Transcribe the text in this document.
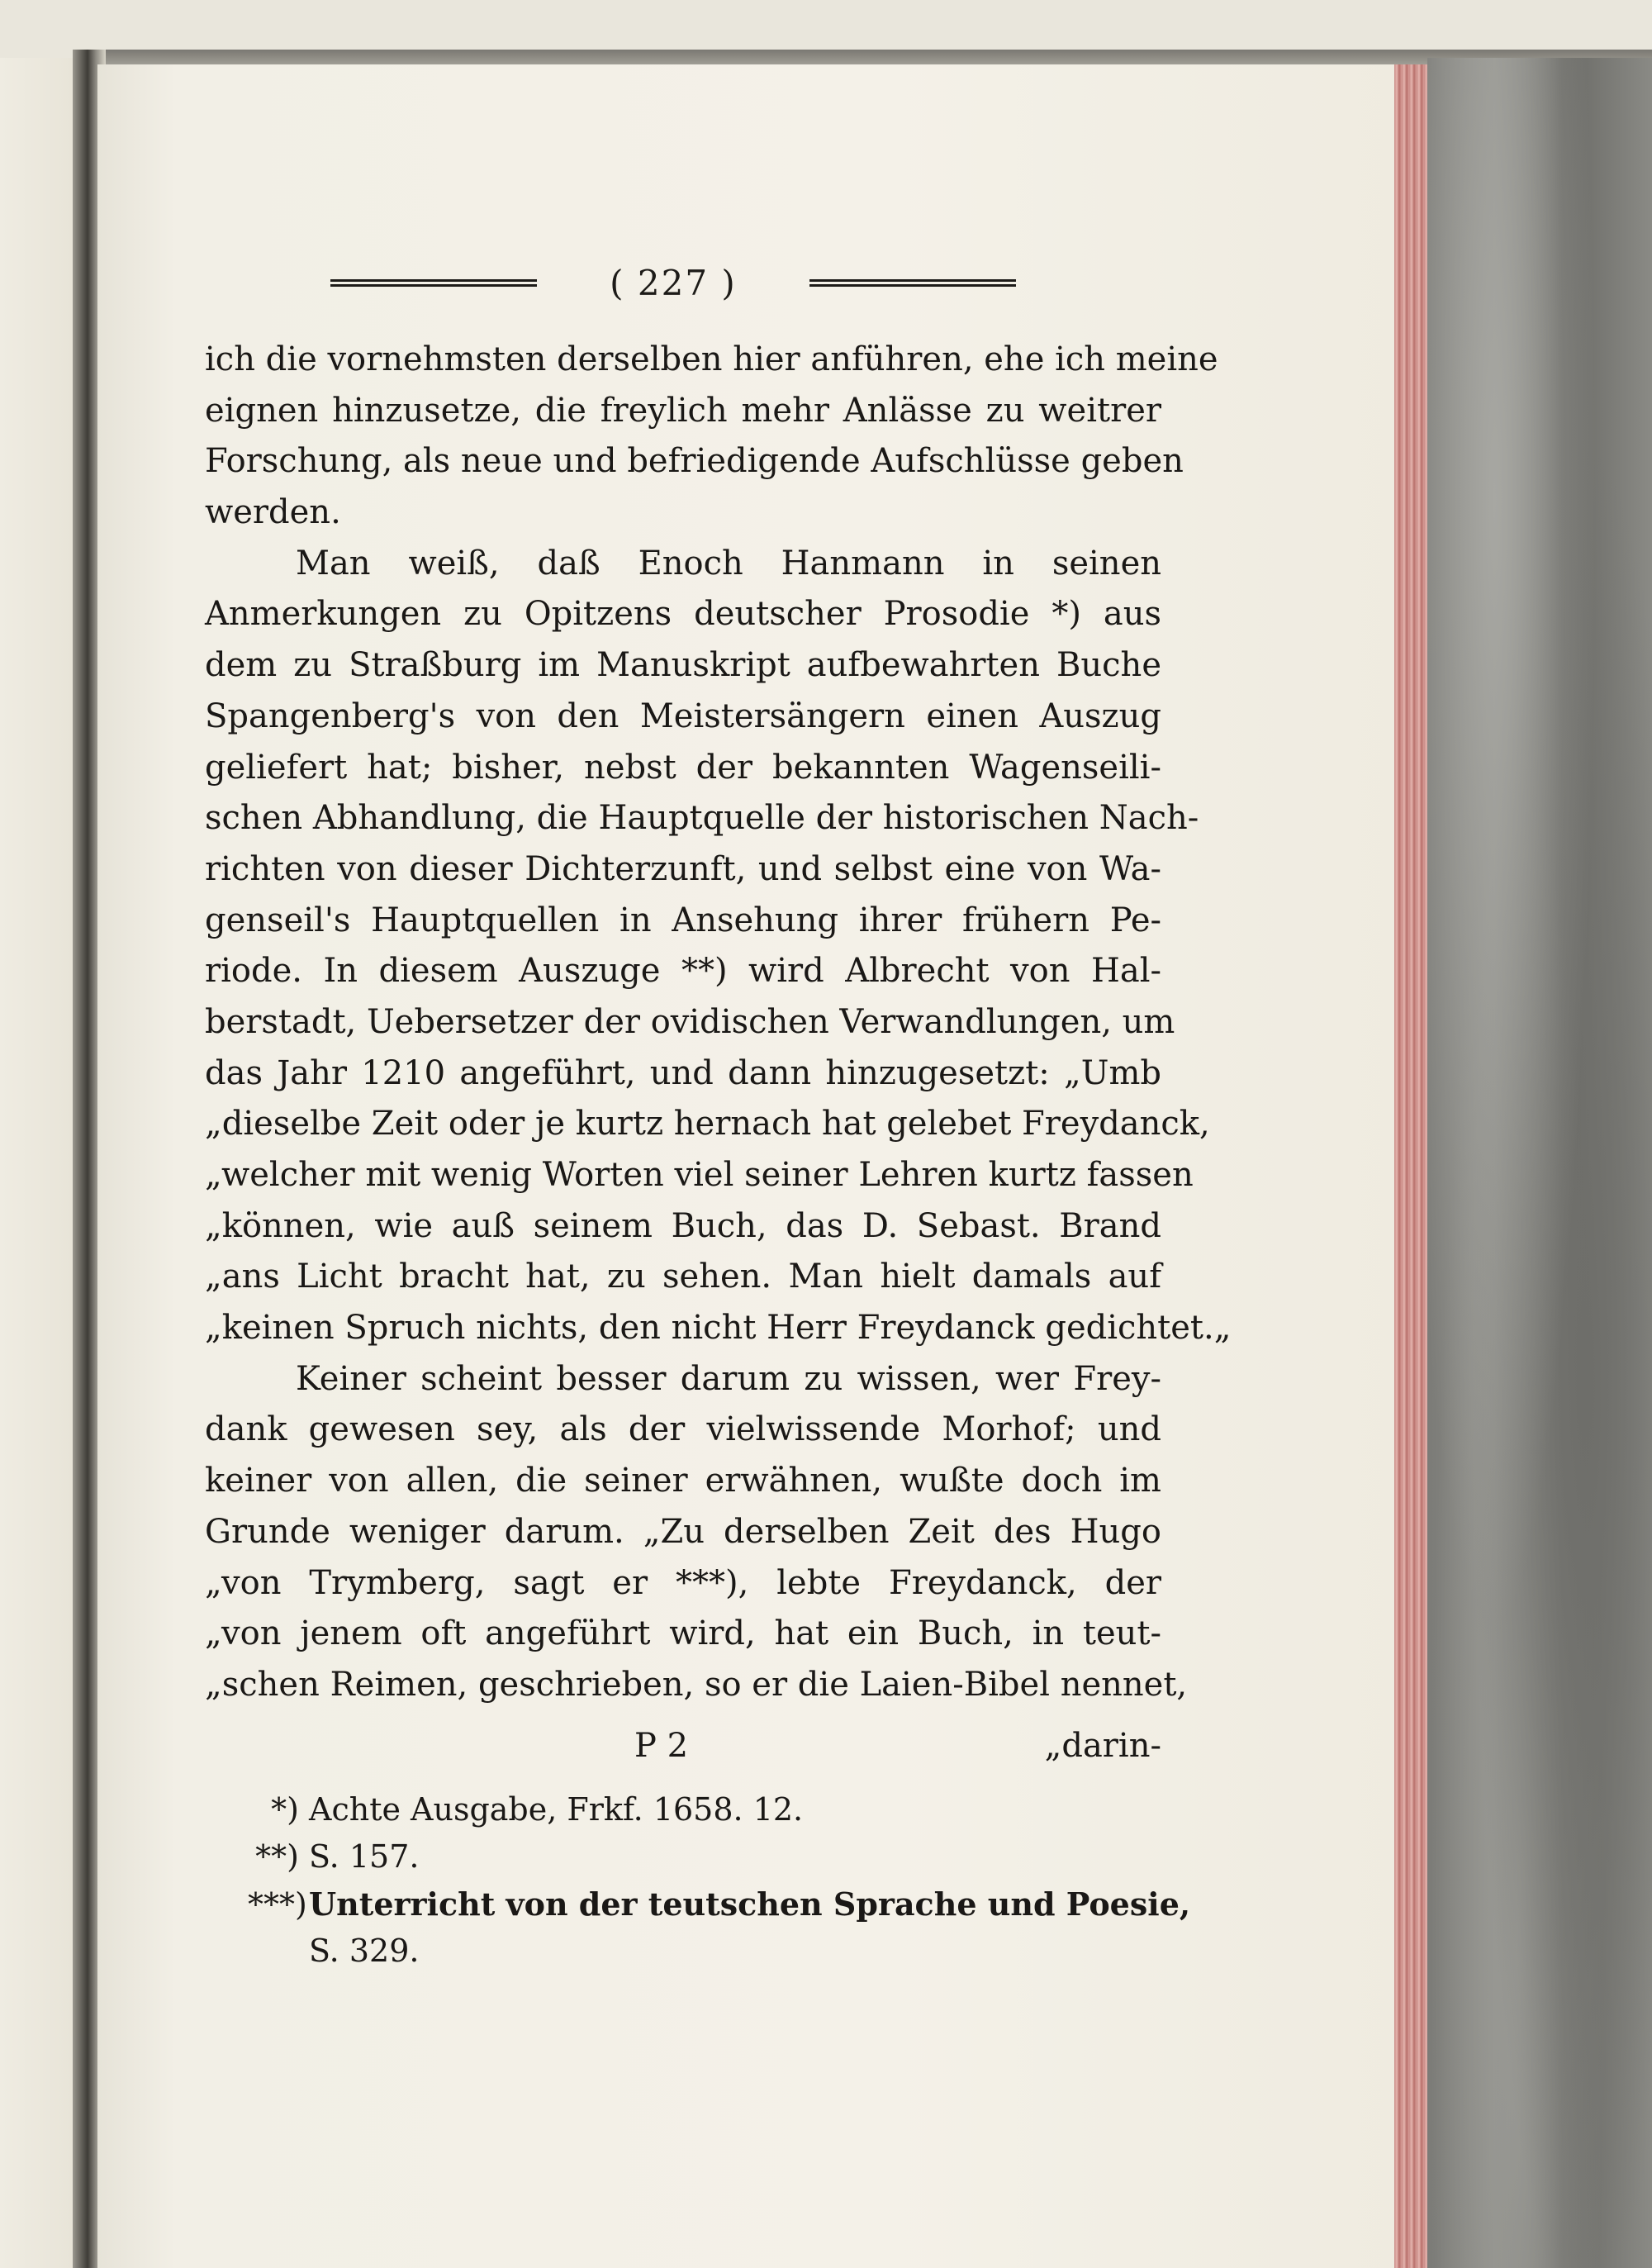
( 227 )
ich die vornehmsten derselben hier anführen, ehe ich meine
eignen hinzusetze, die freylich mehr Anlässe zu weitrer
Forschung, als neue und befriedigende Aufschlüsse geben
werden.
Man weiß, daß Enoch Hanmann in seinen
Anmerkungen zu Opitzens deutscher Prosodie *) aus
dem zu Straßburg im Manuskript aufbewahrten Buche
Spangenberg's von den Meistersängern einen Auszug
geliefert hat; bisher, nebst der bekannten Wagenseili-
schen Abhandlung, die Hauptquelle der historischen Nach-
richten von dieser Dichterzunft, und selbst eine von Wa-
genseil's Hauptquellen in Ansehung ihrer frühern Pe-
riode. In diesem Auszuge **) wird Albrecht von Hal-
berstadt, Uebersetzer der ovidischen Verwandlungen, um
das Jahr 1210 angeführt, und dann hinzugesetzt: „Umb
„dieselbe Zeit oder je kurtz hernach hat gelebet Freydanck,
„welcher mit wenig Worten viel seiner Lehren kurtz fassen
„können, wie auß seinem Buch, das D. Sebast. Brand
„ans Licht bracht hat, zu sehen. Man hielt damals auf
„keinen Spruch nichts, den nicht Herr Freydanck gedichtet.„
Keiner scheint besser darum zu wissen, wer Frey-
dank gewesen sey, als der vielwissende Morhof; und
keiner von allen, die seiner erwähnen, wußte doch im
Grunde weniger darum. „Zu derselben Zeit des Hugo
„von Trymberg, sagt er ***), lebte Freydanck, der
„von jenem oft angeführt wird, hat ein Buch, in teut-
„schen Reimen, geschrieben, so er die Laien-Bibel nennet,
P 2	„darin-
*) Achte Ausgabe, Frkf. 1658. 12.
**) S. 157.
***)Unterricht von der teutschen Sprache und Poesie,
S. 329.
